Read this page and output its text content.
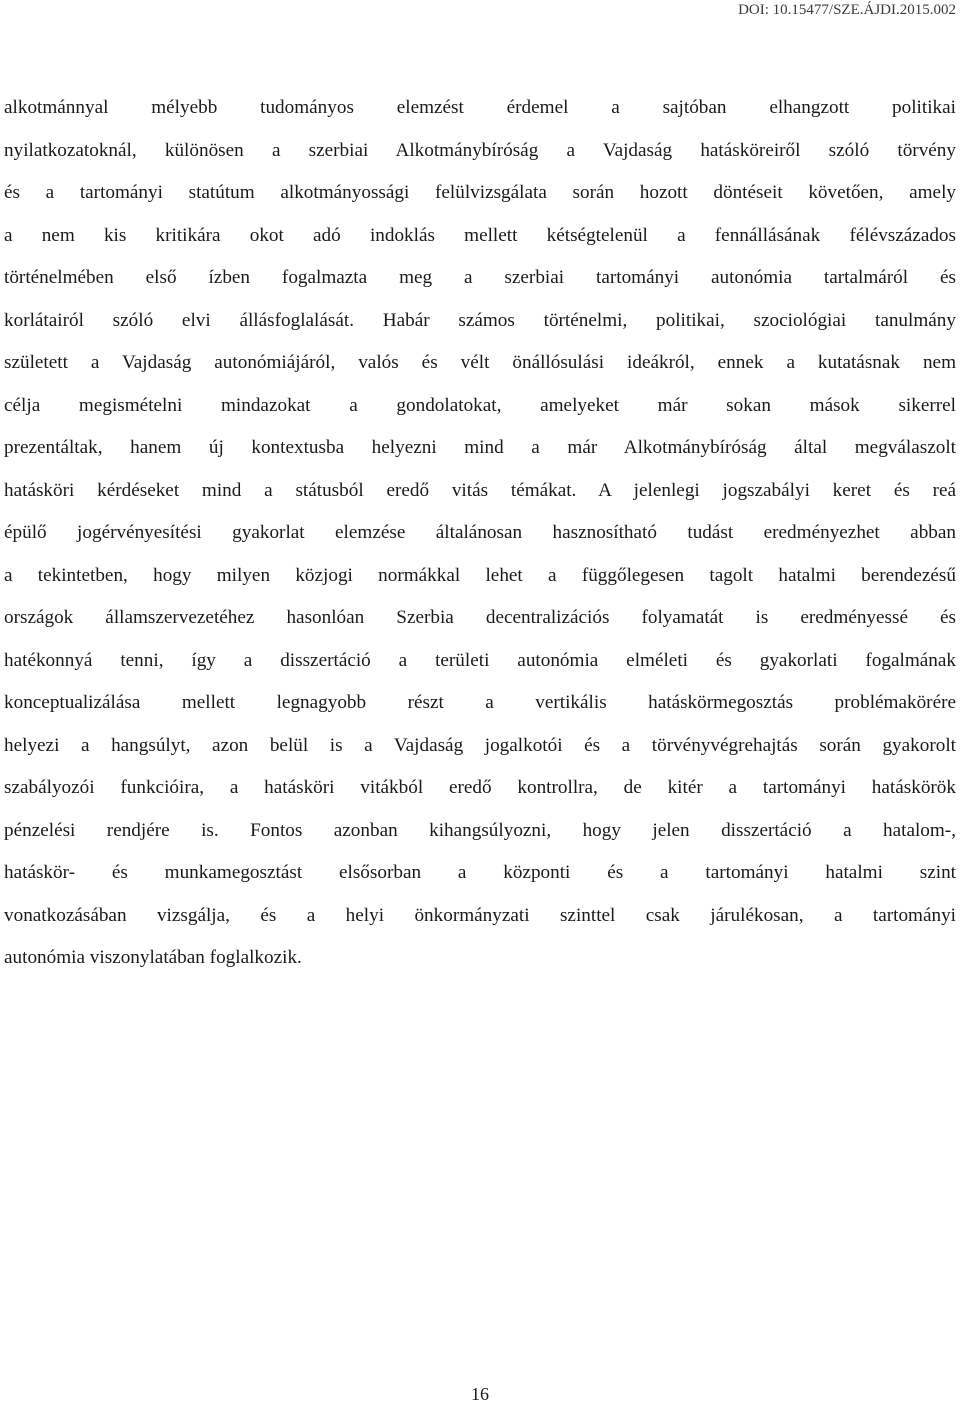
DOI: 10.15477/SZE.ÁJDI.2015.002
alkotmánnyal mélyebb tudományos elemzést érdemel a sajtóban elhangzott politikai
nyilatkozatoknál, különösen a szerbiai Alkotmánybíróság a Vajdaság hatásköreiről szóló törvény
és a tartományi statútum alkotmányossági felülvizsgálata során hozott döntéseit követően, amely
a nem kis kritikára okot adó indoklás mellett kétségtelenül a fennállásának félévszázados
történelmében első ízben fogalmazta meg a szerbiai tartományi autonómia tartalmáról és
korlátairól szóló elvi állásfoglalását. Habár számos történelmi, politikai, szociológiai tanulmány
született a Vajdaság autonómiájáról, valós és vélt önállósulási ideákról, ennek a kutatásnak nem
célja megismételni mindazokat a gondolatokat, amelyeket már sokan mások sikerrel
prezentáltak, hanem új kontextusba helyezni mind a már Alkotmánybíróság által megválaszolt
hatásköri kérdéseket mind a státusból eredő vitás témákat. A jelenlegi jogszabályi keret és reá
épülő jogérvényesítési gyakorlat elemzése általánosan hasznosítható tudást eredményezhet abban
a tekintetben, hogy milyen közjogi normákkal lehet a függőlegesen tagolt hatalmi berendezésű
országok államszervezetéhez hasonlóan Szerbia decentralizációs folyamatát is eredményessé és
hatékonnyá tenni, így a disszertáció a területi autonómia elméleti és gyakorlati fogalmának
konceptualizálása mellett legnagyobb részt a vertikális hatáskörmegosztás problémakörére
helyezi a hangsúlyt, azon belül is a Vajdaság jogalkotói és a törvényvégrehajtás során gyakorolt
szabályozói funkcióira, a hatásköri vitákból eredő kontrollra, de kitér a tartományi hatáskörök
pénzelési rendjére is. Fontos azonban kihangsúlyozni, hogy jelen disszertáció a hatalom-,
hatáskör- és munkamegosztást elsősorban a központi és a tartományi hatalmi szint
vonatkozásában vizsgálja, és a helyi önkormányzati szinttel csak járulékosan, a tartományi
autonómia viszonylatában foglalkozik.
16
